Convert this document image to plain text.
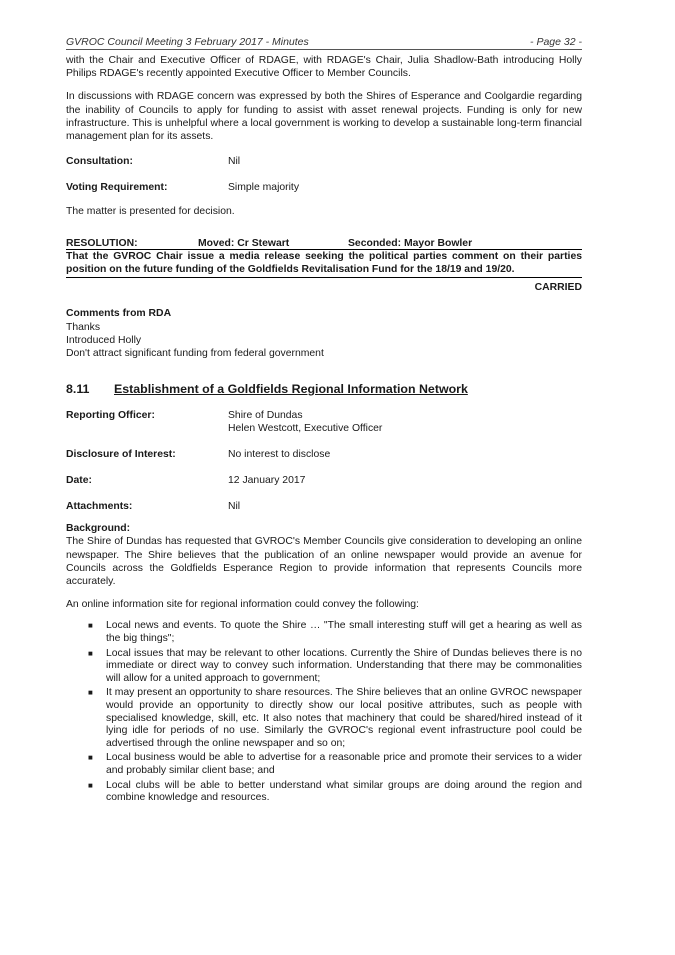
GVROC Council Meeting 3 February 2017 - Minutes	- Page 32 -

with the Chair and Executive Officer of RDAGE, with RDAGE's Chair, Julia Shadlow-Bath introducing Holly Philips RDAGE's recently appointed Executive Officer to Member Councils.

In discussions with RDAGE concern was expressed by both the Shires of Esperance and Coolgardie regarding the inability of Councils to apply for funding to assist with asset renewal projects. Funding is only for new infrastructure. This is unhelpful where a local government is working to develop a sustainable long-term financial management plan for its assets.

Consultation:	Nil
Voting Requirement:	Simple majority

The matter is presented for decision.

RESOLUTION:	Moved: Cr Stewart	Seconded: Mayor Bowler
That the GVROC Chair issue a media release seeking the political parties comment on their parties position on the future funding of the Goldfields Revitalisation Fund for the 18/19 and 19/20.
CARRIED

Comments from RDA

Thanks

Introduced Holly

Don't attract significant funding from federal government

8.11	Establishment of a Goldfields Regional Information Network
Reporting Officer:	Shire of Dundas
Helen Westcott, Executive Officer
Disclosure of Interest:	No interest to disclose
Date:	12 January 2017
Attachments:	Nil

Background:

The Shire of Dundas has requested that GVROC's Member Councils give consideration to developing an online newspaper. The Shire believes that the publication of an online newspaper would provide an avenue for Councils across the Goldfields Esperance Region to provide information that represents Councils more accurately.

An online information site for regional information could convey the following:

■ Local news and events. To quote the Shire … "The small interesting stuff will get a hearing as well as the big things";
■ Local issues that may be relevant to other locations. Currently the Shire of Dundas believes there is no immediate or direct way to convey such information. Understanding that there may be commonalities will allow for a united approach to government;
■ It may present an opportunity to share resources. The Shire believes that an online GVROC newspaper would provide an opportunity to directly show our local positive attributes, such as people with specialised knowledge, skill, etc. It also notes that machinery that could be shared/hired instead of it lying idle for periods of no use. Similarly the GVROC's regional event infrastructure pool could be advertised through the online newspaper and so on;
■ Local business would be able to advertise for a reasonable price and promote their services to a wider and probably similar client base; and
■ Local clubs will be able to better understand what similar groups are doing around the region and combine knowledge and resources.
